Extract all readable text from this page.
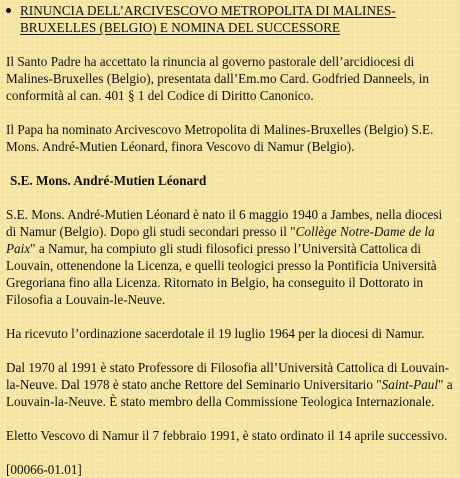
RINUNCIA DELL’ARCIVESCOVO METROPOLITA DI MALINES-
BRUXELLES (BELGIO) E NOMINA DEL SUCCESSORE

Il Santo Padre ha accettato la rinuncia al governo pastorale dell’arcidiocesi di Malines-Bruxelles (Belgio), presentata dall’Em.mo Card. Godfried Danneels, in conformità al can. 401 § 1 del Codice di Diritto Canonico.

Il Papa ha nominato Arcivescovo Metropolita di Malines-Bruxelles (Belgio) S.E. Mons. André-Mutien Léonard, finora Vescovo di Namur (Belgio).

S.E. Mons. André-Mutien Léonard

S.E. Mons. André-Mutien Léonard è nato il 6 maggio 1940 a Jambes, nella diocesi di Namur (Belgio). Dopo gli studi secondari presso il "Collège Notre-Dame de la Paix" a Namur, ha compiuto gli studi filosofici presso l’Università Cattolica di Louvain, ottenendone la Licenza, e quelli teologici presso la Pontificia Università Gregoriana fino alla Licenza. Ritornato in Belgio, ha conseguito il Dottorato in Filosofia a Louvain-le-Neuve.

Ha ricevuto l’ordinazione sacerdotale il 19 luglio 1964 per la diocesi di Namur.

Dal 1970 al 1991 è stato Professore di Filosofia all’Università Cattolica di Louvain-la-Neuve. Dal 1978 è stato anche Rettore del Seminario Universitario "Saint-Paul" a Louvain-la-Neuve. È stato membro della Commissione Teologica Internazionale.

Eletto Vescovo di Namur il 7 febbraio 1991, è stato ordinato il 14 aprile successivo.

[00066-01.01]
